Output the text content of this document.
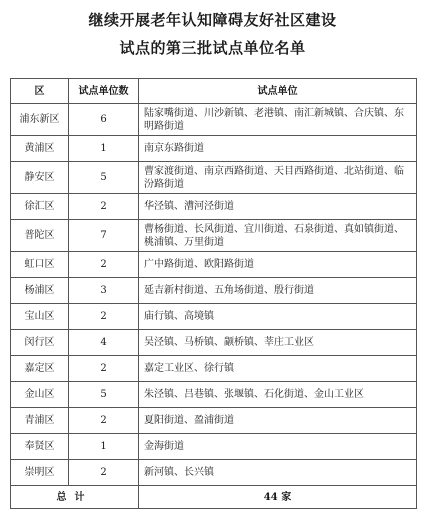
继续开展老年认知障碍友好社区建设
试点的第三批试点单位名单
区	试点单位数	试点单位
浦东新区	6	陆家嘴街道、川沙新镇、老港镇、南汇新城镇、合庆镇、东明路街道
黄浦区	1	南京东路街道
静安区	5	曹家渡街道、南京西路街道、天目西路街道、北站街道、临汾路街道
徐汇区	2	华泾镇、漕河泾街道
普陀区	7	曹杨街道、长风街道、宜川街道、石泉街道、真如镇街道、桃浦镇、万里街道
虹口区	2	广中路街道、欧阳路街道
杨浦区	3	延吉新村街道、五角场街道、殷行街道
宝山区	2	庙行镇、高境镇
闵行区	4	吴泾镇、马桥镇、颛桥镇、莘庄工业区
嘉定区	2	嘉定工业区、徐行镇
金山区	5	朱泾镇、吕巷镇、张堰镇、石化街道、金山工业区
青浦区	2	夏阳街道、盈浦街道
奉贤区	1	金海街道
崇明区	2	新河镇、长兴镇
总计		44 家
